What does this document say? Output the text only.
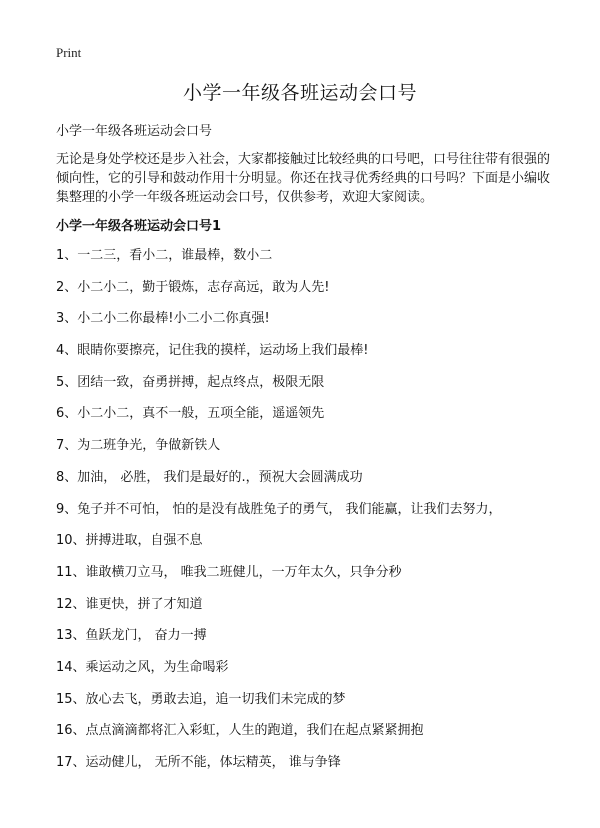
Print
小学一年级各班运动会口号
小学一年级各班运动会口号

无论是身处学校还是步入社会，大家都接触过比较经典的口号吧，口号往往带有很强的倾向性，它的引导和鼓动作用十分明显。你还在找寻优秀经典的口号吗？下面是小编收集整理的小学一年级各班运动会口号，仅供参考，欢迎大家阅读。

小学一年级各班运动会口号1
1、一二三，看小二，谁最棒，数小二
2、小二小二，勤于锻炼，志存高远，敢为人先!
3、小二小二你最棒!小二小二你真强!
4、眼睛你要擦亮，记住我的摸样，运动场上我们最棒!
5、团结一致，奋勇拼搏，起点终点，极限无限
6、小二小二，真不一般，五项全能，遥遥领先
7、为二班争光，争做新铁人
8、加油， 必胜， 我们是最好的.，预祝大会圆满成功
9、兔子并不可怕， 怕的是没有战胜兔子的勇气， 我们能赢，让我们去努力，
10、拼搏进取，自强不息
11、谁敢横刀立马， 唯我二班健儿，一万年太久，只争分秒
12、谁更快，拼了才知道
13、鱼跃龙门， 奋力一搏
14、乘运动之风，为生命喝彩
15、放心去飞，勇敢去追，追一切我们未完成的梦
16、点点滴滴都将汇入彩虹，人生的跑道，我们在起点紧紧拥抱
17、运动健儿， 无所不能，体坛精英， 谁与争锋
